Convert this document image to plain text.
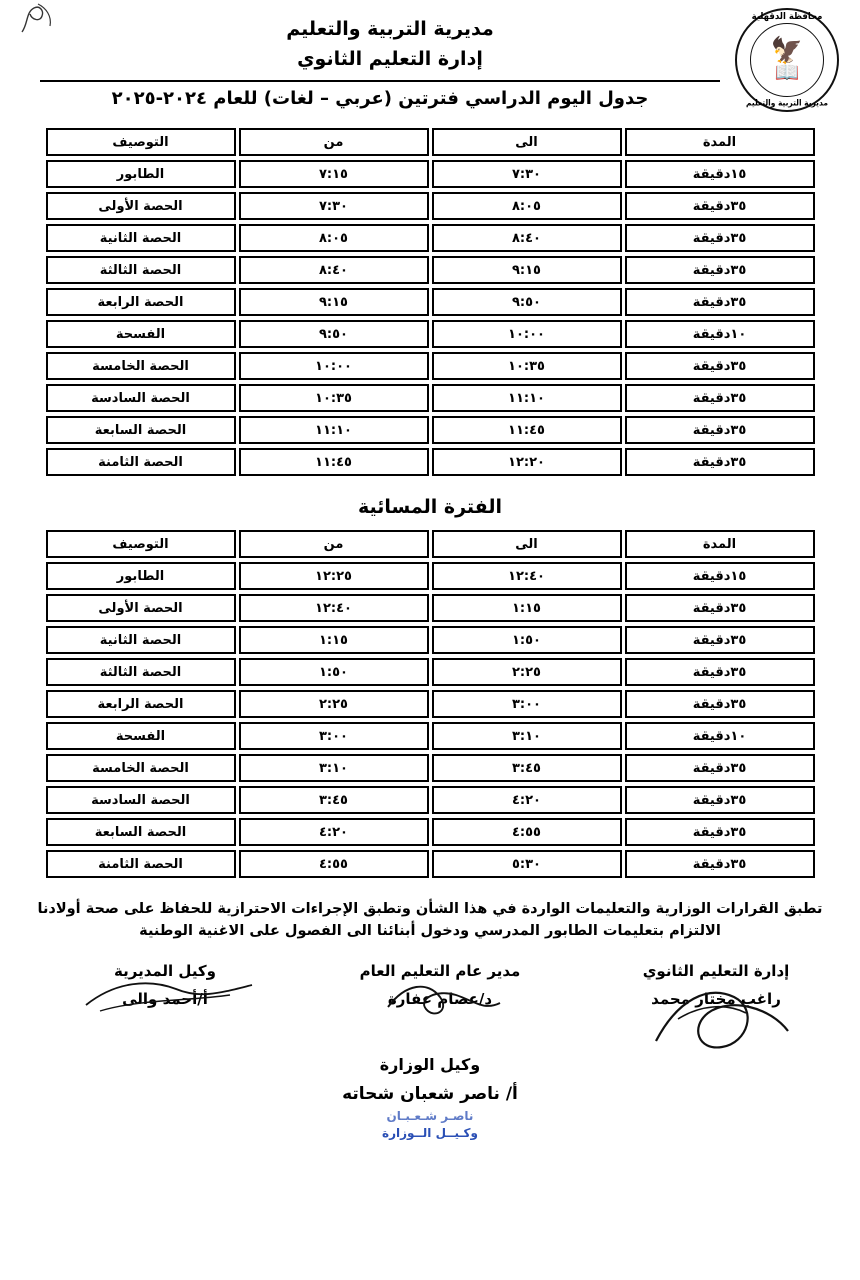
محافظة الدقهلية
🦅
📖
مديرية التربية والتعليم
مديرية التربية والتعليم
إدارة التعليم الثانوي
جدول اليوم الدراسي فترتين (عربي – لغات) للعام ٢٠٢٤-٢٠٢٥
المدة	الى	من	التوصيف
١٥دقيقة	٧:٣٠	٧:١٥	الطابور
٣٥دقيقة	٨:٠٥	٧:٣٠	الحصة الأولى
٣٥دقيقة	٨:٤٠	٨:٠٥	الحصة الثانية
٣٥دقيقة	٩:١٥	٨:٤٠	الحصة الثالثة
٣٥دقيقة	٩:٥٠	٩:١٥	الحصة الرابعة
١٠دقيقة	١٠:٠٠	٩:٥٠	الفسحة
٣٥دقيقة	١٠:٣٥	١٠:٠٠	الحصة الخامسة
٣٥دقيقة	١١:١٠	١٠:٣٥	الحصة السادسة
٣٥دقيقة	١١:٤٥	١١:١٠	الحصة السابعة
٣٥دقيقة	١٢:٢٠	١١:٤٥	الحصة الثامنة
الفترة المسائية
المدة	الى	من	التوصيف
١٥دقيقة	١٢:٤٠	١٢:٢٥	الطابور
٣٥دقيقة	١:١٥	١٢:٤٠	الحصة الأولى
٣٥دقيقة	١:٥٠	١:١٥	الحصة الثانية
٣٥دقيقة	٢:٢٥	١:٥٠	الحصة الثالثة
٣٥دقيقة	٣:٠٠	٢:٢٥	الحصة الرابعة
١٠دقيقة	٣:١٠	٣:٠٠	الفسحة
٣٥دقيقة	٣:٤٥	٣:١٠	الحصة الخامسة
٣٥دقيقة	٤:٢٠	٣:٤٥	الحصة السادسة
٣٥دقيقة	٤:٥٥	٤:٢٠	الحصة السابعة
٣٥دقيقة	٥:٣٠	٤:٥٥	الحصة الثامنة
تطبق القرارات الوزارية والتعليمات الواردة في هذا الشأن وتطبق الإجراءات الاحترازية للحفاظ على صحة أولادنا
الالتزام بتعليمات الطابور المدرسي ودخول أبنائنا الى الفصول على الاغنية الوطنية
إدارة التعليم الثانوي
راغب مختار محمد
مدير عام التعليم العام
د/عصام عفارة
وكيل المديرية
أ/أحمد والى
وكيل الوزارة
أ/ ناصر شعبان شحاته
ناصـر شـعـبـان
وكـيــل الــوزارة
